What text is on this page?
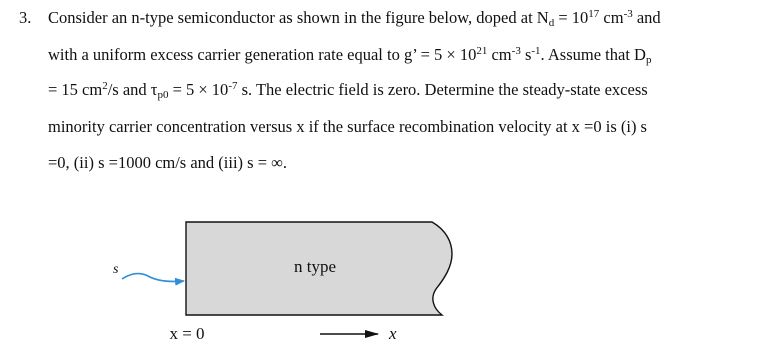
3. Consider an n-type semiconductor as shown in the figure below, doped at $N_d = 10^{17}$ $cm^{-3}$ and
with a uniform excess carrier generation rate equal to g’ = $5 \times 10^{21}$ $cm^{-3}$ $s^{-1}$. Assume that $D_p$
= 15 $cm^2/s$ and $\tau_{p0} = 5 \times 10^{-7}$ s. The electric field is zero. Determine the steady-state excess
minority carrier concentration versus x if the surface recombination velocity at x =0 is (i) s
=0, (ii) s =1000 cm/s and (iii) s = ∞.
n type
s
x = 0	x
